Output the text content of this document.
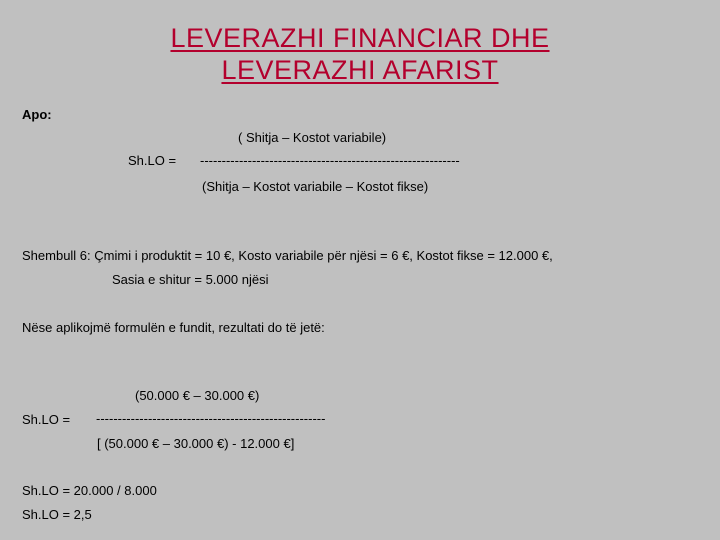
LEVERAZHI FINANCIAR DHE
LEVERAZHI AFARIST
Apo:
( Shitja – Kostot variabile)
Sh.LO = ------------------------------------------------------------
(Shitja – Kostot variabile – Kostot fikse)
Shembull 6: Çmimi i produktit = 10 €, Kosto variabile për njësi = 6 €, Kostot fikse = 12.000 €,
Sasia e shitur = 5.000 njësi
Nëse aplikojmë formulën e fundit, rezultati do të jetë:
(50.000 € – 30.000 €)
Sh.LO = -----------------------------------------------------
[ (50.000 € – 30.000 €) - 12.000 €]
Sh.LO = 20.000 / 8.000
Sh.LO = 2,5
